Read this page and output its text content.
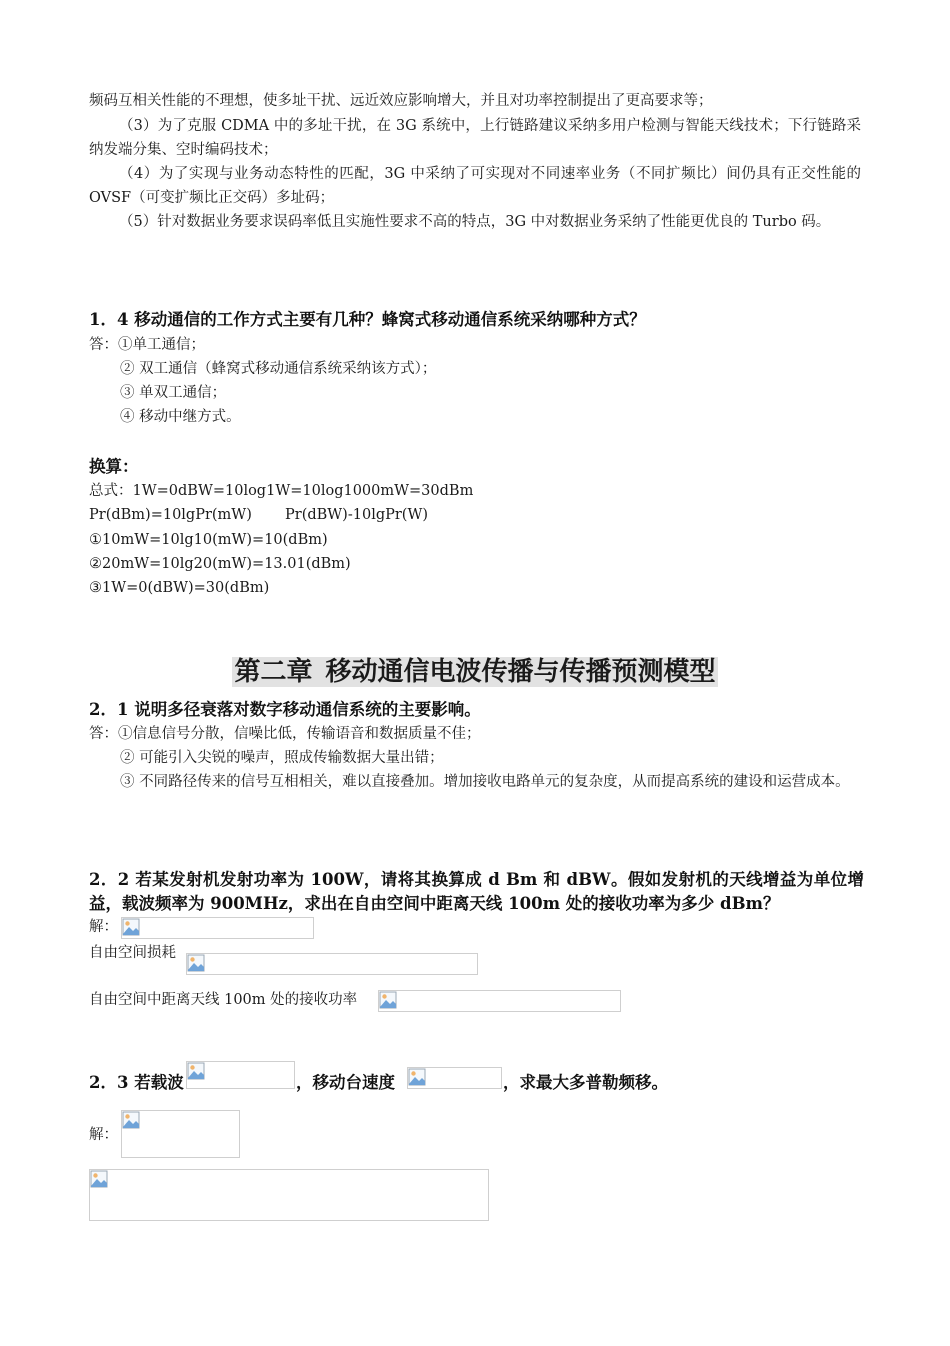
频码互相关性能的不理想，使多址干扰、远近效应影响增大，并且对功率控制提出了更高要求等；
（3）为了克服 CDMA 中的多址干扰，在 3G 系统中，上行链路建议采纳多用户检测与智能天线技术；下行链路采纳发端分集、空时编码技术；
（4）为了实现与业务动态特性的匹配，3G 中采纳了可实现对不同速率业务（不同扩频比）间仍具有正交性能的 OVSF（可变扩频比正交码）多址码；
（5）针对数据业务要求误码率低且实施性要求不高的特点，3G 中对数据业务采纳了性能更优良的 Turbo 码。
1．4 移动通信的工作方式主要有几种？蜂窝式移动通信系统采纳哪种方式？
答：①单工通信；
② 双工通信（蜂窝式移动通信系统采纳该方式）；
③ 单双工通信；
④ 移动中继方式。
换算：
总式：1W=0dBW=10log1W=10log1000mW=30dBm
Pr(dBm)=10lgPr(mW)	Pr(dBW)-10lgPr(W)
①10mW=10lg10(mW)=10(dBm)
②20mW=10lg20(mW)=13.01(dBm)
③1W=0(dBW)=30(dBm)
第二章 移动通信电波传播与传播预测模型
2．1 说明多径衰落对数字移动通信系统的主要影响。
答：①信息信号分散，信噪比低，传输语音和数据质量不佳；
② 可能引入尖锐的噪声，照成传输数据大量出错；
③ 不同路径传来的信号互相相关，难以直接叠加。增加接收电路单元的复杂度，从而提高系统的建设和运营成本。
2．2 若某发射机发射功率为 100W，请将其换算成 d Bm 和 dBW。假如发射机的天线增益为单位增益，载波频率为 900MHz，求出在自由空间中距离天线 100m 处的接收功率为多少 dBm？
解：
自由空间损耗
自由空间中距离天线 100m 处的接收功率
2．3 若载波	，移动台速度	，求最大多普勒频移。
解：
